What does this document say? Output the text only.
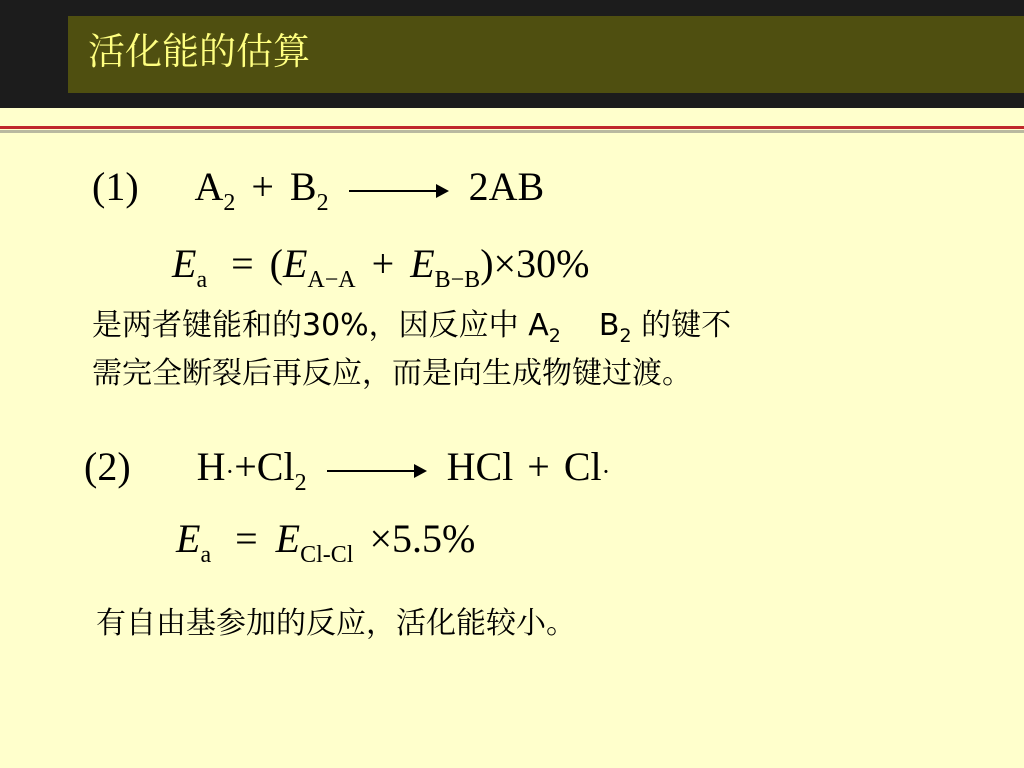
活化能的估算
(1) $A_2 + B_2$	2AB
$E_a = (E_{A-A} + E_{B-B})\times 30\%$
是两者键能和的30%，因反应中 $A_2$ $B_2$ 的键不
需完全断裂后再反应，而是向生成物键过渡。
(2) $H\cdot+Cl_2$	HCl + Cl·
$E_a = E_{Cl-Cl} \times 5.5\%$
有自由基参加的反应，活化能较小。
